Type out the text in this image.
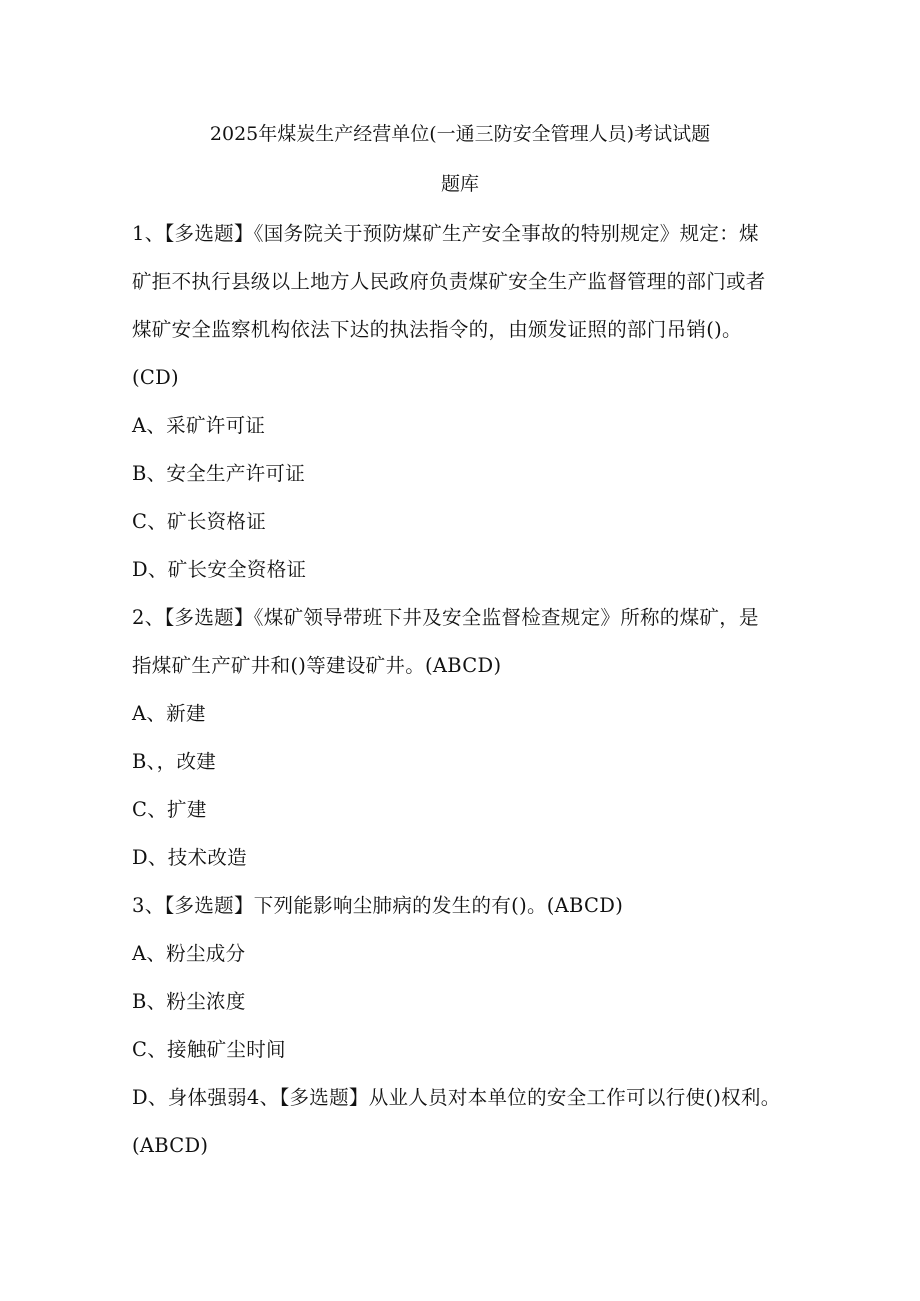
2025年煤炭生产经营单位(一通三防安全管理人员)考试试题
题库
1、【多选题】《国务院关于预防煤矿生产安全事故的特别规定》规定：煤
矿拒不执行县级以上地方人民政府负责煤矿安全生产监督管理的部门或者
煤矿安全监察机构依法下达的执法指令的，由颁发证照的部门吊销()。
(CD)
A、采矿许可证
B、安全生产许可证
C、矿长资格证
D、矿长安全资格证
2、【多选题】《煤矿领导带班下井及安全监督检查规定》所称的煤矿，是
指煤矿生产矿井和()等建设矿井。(ABCD)
A、新建
B、，改建
C、扩建
D、技术改造
3、【多选题】下列能影响尘肺病的发生的有()。(ABCD)
A、粉尘成分
B、粉尘浓度
C、接触矿尘时间
D、身体强弱4、【多选题】从业人员对本单位的安全工作可以行使()权利。
(ABCD)
